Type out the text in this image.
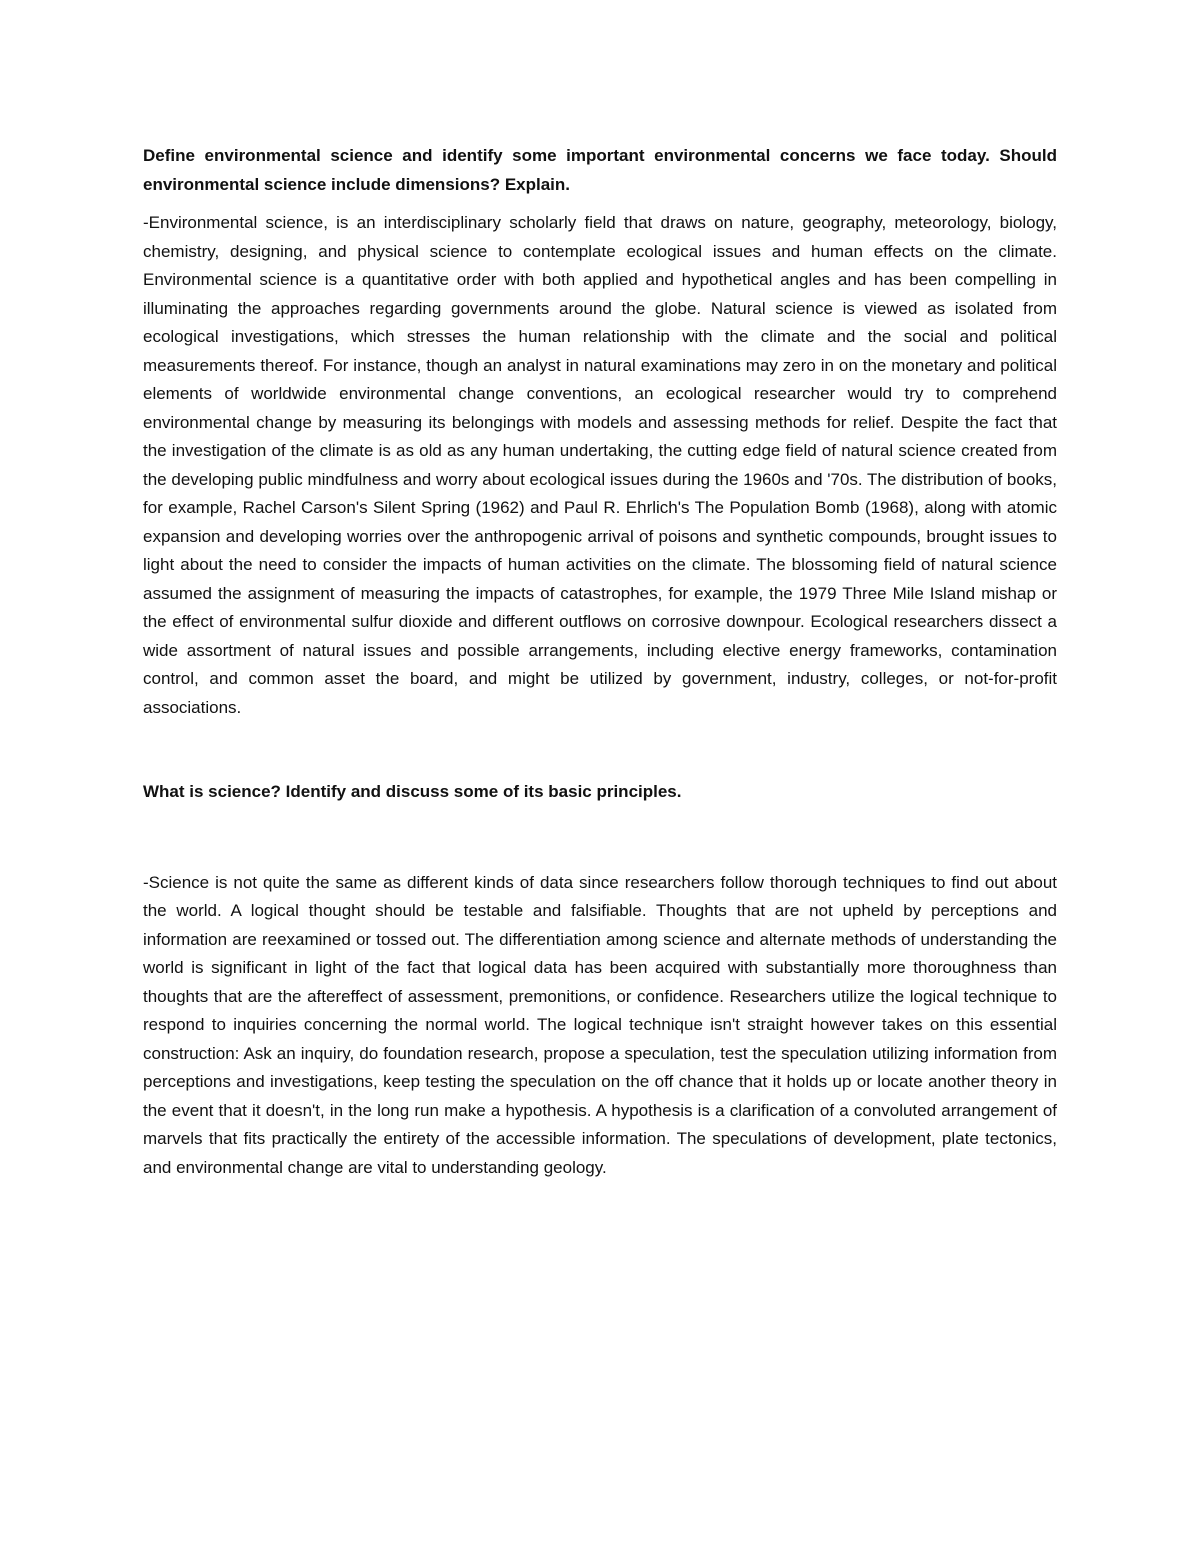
Define environmental science and identify some important environmental concerns we face today. Should environmental science include dimensions? Explain.

-Environmental science, is an interdisciplinary scholarly field that draws on nature, geography, meteorology, biology, chemistry, designing, and physical science to contemplate ecological issues and human effects on the climate. Environmental science is a quantitative order with both applied and hypothetical angles and has been compelling in illuminating the approaches regarding governments around the globe. Natural science is viewed as isolated from ecological investigations, which stresses the human relationship with the climate and the social and political measurements thereof. For instance, though an analyst in natural examinations may zero in on the monetary and political elements of worldwide environmental change conventions, an ecological researcher would try to comprehend environmental change by measuring its belongings with models and assessing methods for relief. Despite the fact that the investigation of the climate is as old as any human undertaking, the cutting edge field of natural science created from the developing public mindfulness and worry about ecological issues during the 1960s and '70s. The distribution of books, for example, Rachel Carson's Silent Spring (1962) and Paul R. Ehrlich's The Population Bomb (1968), along with atomic expansion and developing worries over the anthropogenic arrival of poisons and synthetic compounds, brought issues to light about the need to consider the impacts of human activities on the climate. The blossoming field of natural science assumed the assignment of measuring the impacts of catastrophes, for example, the 1979 Three Mile Island mishap or the effect of environmental sulfur dioxide and different outflows on corrosive downpour. Ecological researchers dissect a wide assortment of natural issues and possible arrangements, including elective energy frameworks, contamination control, and common asset the board, and might be utilized by government, industry, colleges, or not-for-profit associations.

What is science? Identify and discuss some of its basic principles.

-Science is not quite the same as different kinds of data since researchers follow thorough techniques to find out about the world. A logical thought should be testable and falsifiable. Thoughts that are not upheld by perceptions and information are reexamined or tossed out. The differentiation among science and alternate methods of understanding the world is significant in light of the fact that logical data has been acquired with substantially more thoroughness than thoughts that are the aftereffect of assessment, premonitions, or confidence. Researchers utilize the logical technique to respond to inquiries concerning the normal world. The logical technique isn't straight however takes on this essential construction: Ask an inquiry, do foundation research, propose a speculation, test the speculation utilizing information from perceptions and investigations, keep testing the speculation on the off chance that it holds up or locate another theory in the event that it doesn't, in the long run make a hypothesis. A hypothesis is a clarification of a convoluted arrangement of marvels that fits practically the entirety of the accessible information. The speculations of development, plate tectonics, and environmental change are vital to understanding geology.
